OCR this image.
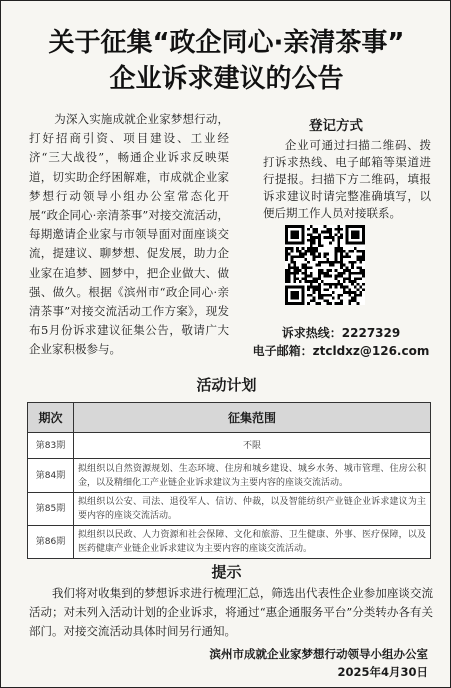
关于征集“政企同心·亲清茶事”
企业诉求建议的公告

为深入实施成就企业家梦想行动，打好招商引资、项目建设、工业经济“三大战役”，畅通企业诉求反映渠道，切实助企纾困解难，市成就企业家梦想行动领导小组办公室常态化开展“政企同心·亲清茶事”对接交流活动，每期邀请企业家与市领导面对面座谈交流，提建议、聊梦想、促发展，助力企业家在追梦、圆梦中，把企业做大、做强、做久。根据《滨州市“政企同心·亲清茶事”对接交流活动工作方案》，现发布5月份诉求建议征集公告，敬请广大企业家积极参与。

登记方式

企业可通过扫描二维码、拨打诉求热线、电子邮箱等渠道进行提报。扫描下方二维码，填报诉求建议时请完整准确填写，以便后期工作人员对接联系。

诉求热线：2227329
电子邮箱：ztcldxz@126.com
活动计划
期次	征集范围
第83期	不限
第84期	拟组织以自然资源规划、生态环境、住房和城乡建设、城乡水务、城市管理、住房公积金，以及精细化工产业链企业诉求建议为主要内容的座谈交流活动。
第85期	拟组织以公安、司法、退役军人、信访、仲裁，以及智能纺织产业链企业诉求建议为主要内容的座谈交流活动。
第86期	拟组织以民政、人力资源和社会保障、文化和旅游、卫生健康、外事、医疗保障，以及医药健康产业链企业诉求建议为主要内容的座谈交流活动。
提示

我们将对收集到的梦想诉求进行梳理汇总，筛选出代表性企业参加座谈交流活动；对未列入活动计划的企业诉求，将通过“惠企通服务平台”分类转办各有关部门。对接交流活动具体时间另行通知。

滨州市成就企业家梦想行动领导小组办公室
2025年4月30日
